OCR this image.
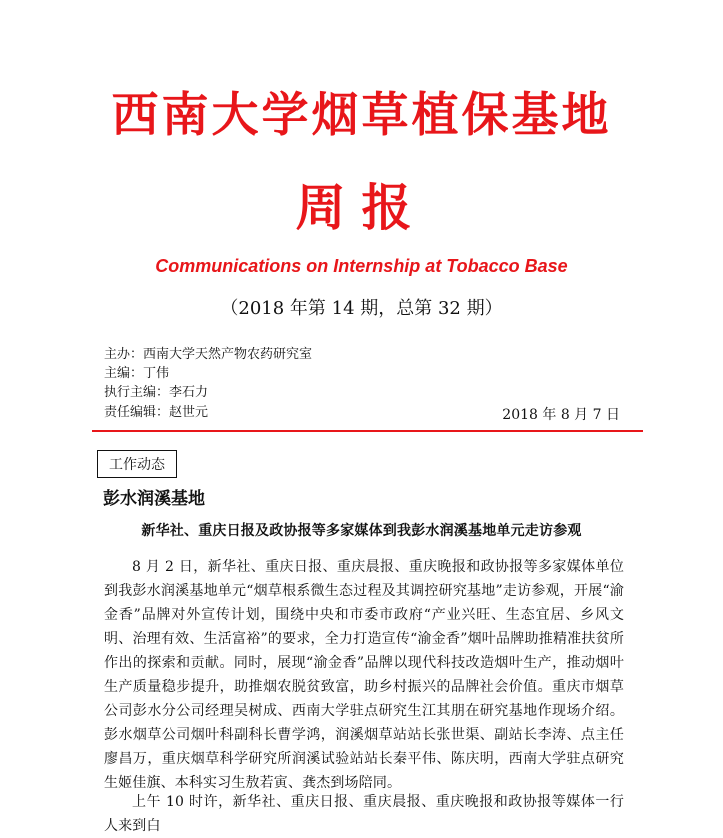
西南大学烟草植保基地
周报
Communications on Internship at Tobacco Base
（2018 年第 14 期，总第 32 期）
主办：西南大学天然产物农药研究室
主编：丁伟
执行主编：李石力
责任编辑：赵世元	2018 年 8 月 7 日
工作动态
彭水润溪基地
新华社、重庆日报及政协报等多家媒体到我彭水润溪基地单元走访参观

8 月 2 日，新华社、重庆日报、重庆晨报、重庆晚报和政协报等多家媒体单位到我彭水润溪基地单元“烟草根系微生态过程及其调控研究基地”走访参观，开展“渝金香”品牌对外宣传计划，围绕中央和市委市政府“产业兴旺、生态宜居、乡风文明、治理有效、生活富裕”的要求，全力打造宣传“渝金香”烟叶品牌助推精准扶贫所作出的探索和贡献。同时，展现“渝金香”品牌以现代科技改造烟叶生产，推动烟叶生产质量稳步提升，助推烟农脱贫致富，助乡村振兴的品牌社会价值。重庆市烟草公司彭水分公司经理吴树成、西南大学驻点研究生江其朋在研究基地作现场介绍。彭水烟草公司烟叶科副科长曹学鸿，润溪烟草站站长张世渠、副站长李涛、点主任廖昌万，重庆烟草科学研究所润溪试验站站长秦平伟、陈庆明，西南大学驻点研究生姬佳旗、本科实习生敖若寅、龚杰到场陪同。

上午 10 时许，新华社、重庆日报、重庆晨报、重庆晚报和政协报等媒体一行人来到白
